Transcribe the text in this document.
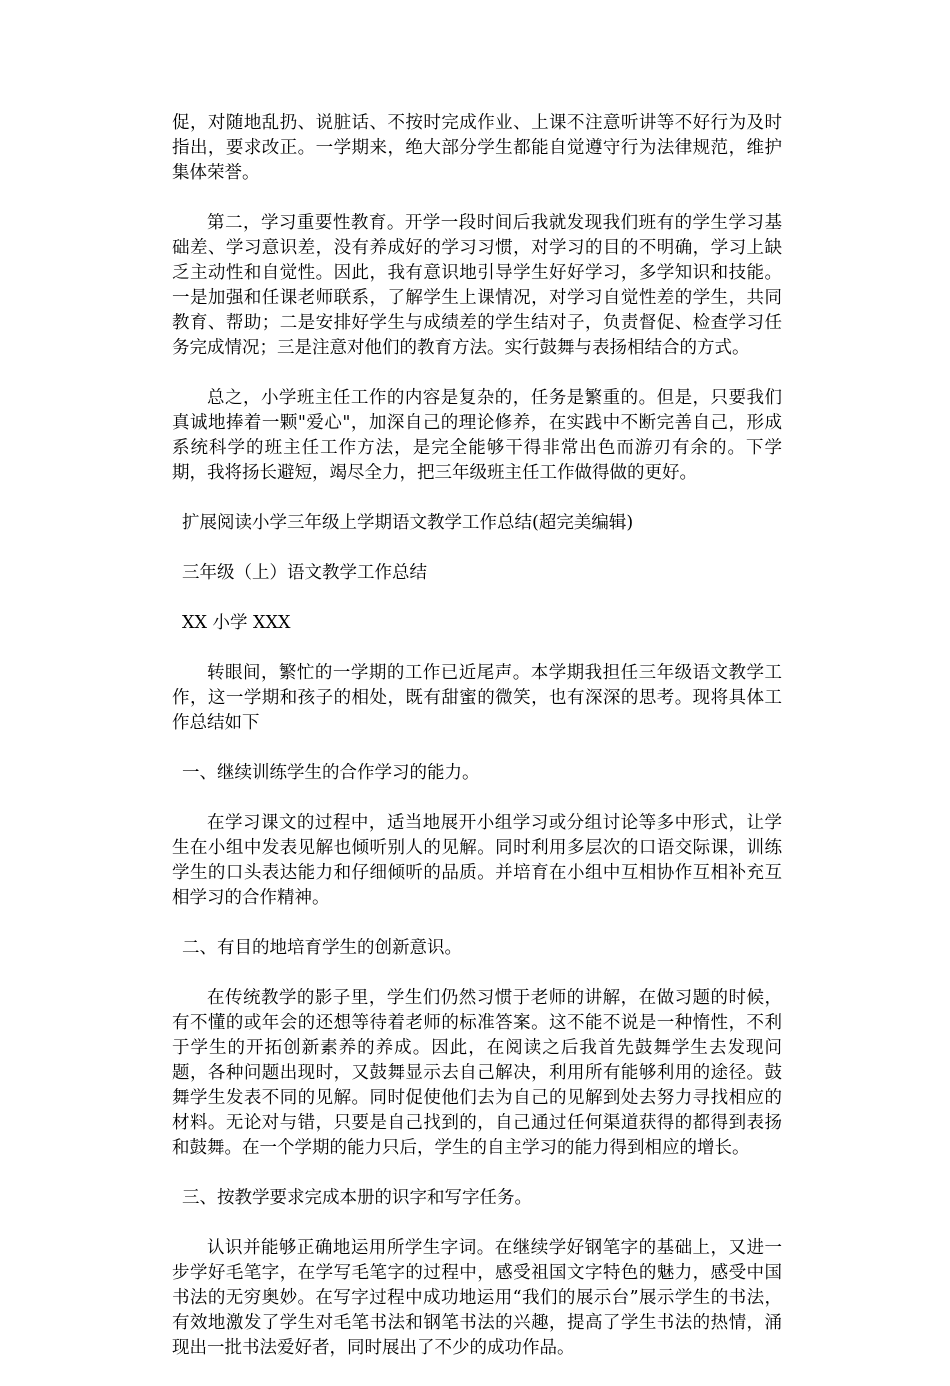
促，对随地乱扔、说脏话、不按时完成作业、上课不注意听讲等不好行为及时指出，要求改正。一学期来，绝大部分学生都能自觉遵守行为法律规范，维护集体荣誉。

第二，学习重要性教育。开学一段时间后我就发现我们班有的学生学习基础差、学习意识差，没有养成好的学习习惯，对学习的目的不明确，学习上缺乏主动性和自觉性。因此，我有意识地引导学生好好学习，多学知识和技能。一是加强和任课老师联系，了解学生上课情况，对学习自觉性差的学生，共同教育、帮助；二是安排好学生与成绩差的学生结对子，负责督促、检查学习任务完成情况；三是注意对他们的教育方法。实行鼓舞与表扬相结合的方式。

总之，小学班主任工作的内容是复杂的，任务是繁重的。但是，只要我们真诚地捧着一颗"爱心"，加深自己的理论修养，在实践中不断完善自己，形成系统科学的班主任工作方法，是完全能够干得非常出色而游刃有余的。下学期，我将扬长避短，竭尽全力，把三年级班主任工作做得做的更好。

扩展阅读小学三年级上学期语文教学工作总结(超完美编辑)

三年级（上）语文教学工作总结

XX 小学 XXX

转眼间，繁忙的一学期的工作已近尾声。本学期我担任三年级语文教学工作，这一学期和孩子的相处，既有甜蜜的微笑，也有深深的思考。现将具体工作总结如下

一、继续训练学生的合作学习的能力。

在学习课文的过程中，适当地展开小组学习或分组讨论等多中形式，让学生在小组中发表见解也倾听别人的见解。同时利用多层次的口语交际课，训练学生的口头表达能力和仔细倾听的品质。并培育在小组中互相协作互相补充互相学习的合作精神。

二、有目的地培育学生的创新意识。

在传统教学的影子里，学生们仍然习惯于老师的讲解，在做习题的时候，有不懂的或年会的还想等待着老师的标准答案。这不能不说是一种惰性，不利于学生的开拓创新素养的养成。因此，在阅读之后我首先鼓舞学生去发现问题，各种问题出现时，又鼓舞显示去自己解决，利用所有能够利用的途径。鼓舞学生发表不同的见解。同时促使他们去为自己的见解到处去努力寻找相应的材料。无论对与错，只要是自己找到的，自己通过任何渠道获得的都得到表扬和鼓舞。在一个学期的能力只后，学生的自主学习的能力得到相应的增长。

三、按教学要求完成本册的识字和写字任务。

认识并能够正确地运用所学生字词。在继续学好钢笔字的基础上，又进一步学好毛笔字，在学写毛笔字的过程中，感受祖国文字特色的魅力，感受中国书法的无穷奥妙。在写字过程中成功地运用“我们的展示台”展示学生的书法，有效地激发了学生对毛笔书法和钢笔书法的兴趣，提高了学生书法的热情，涌现出一批书法爱好者，同时展出了不少的成功作品。
